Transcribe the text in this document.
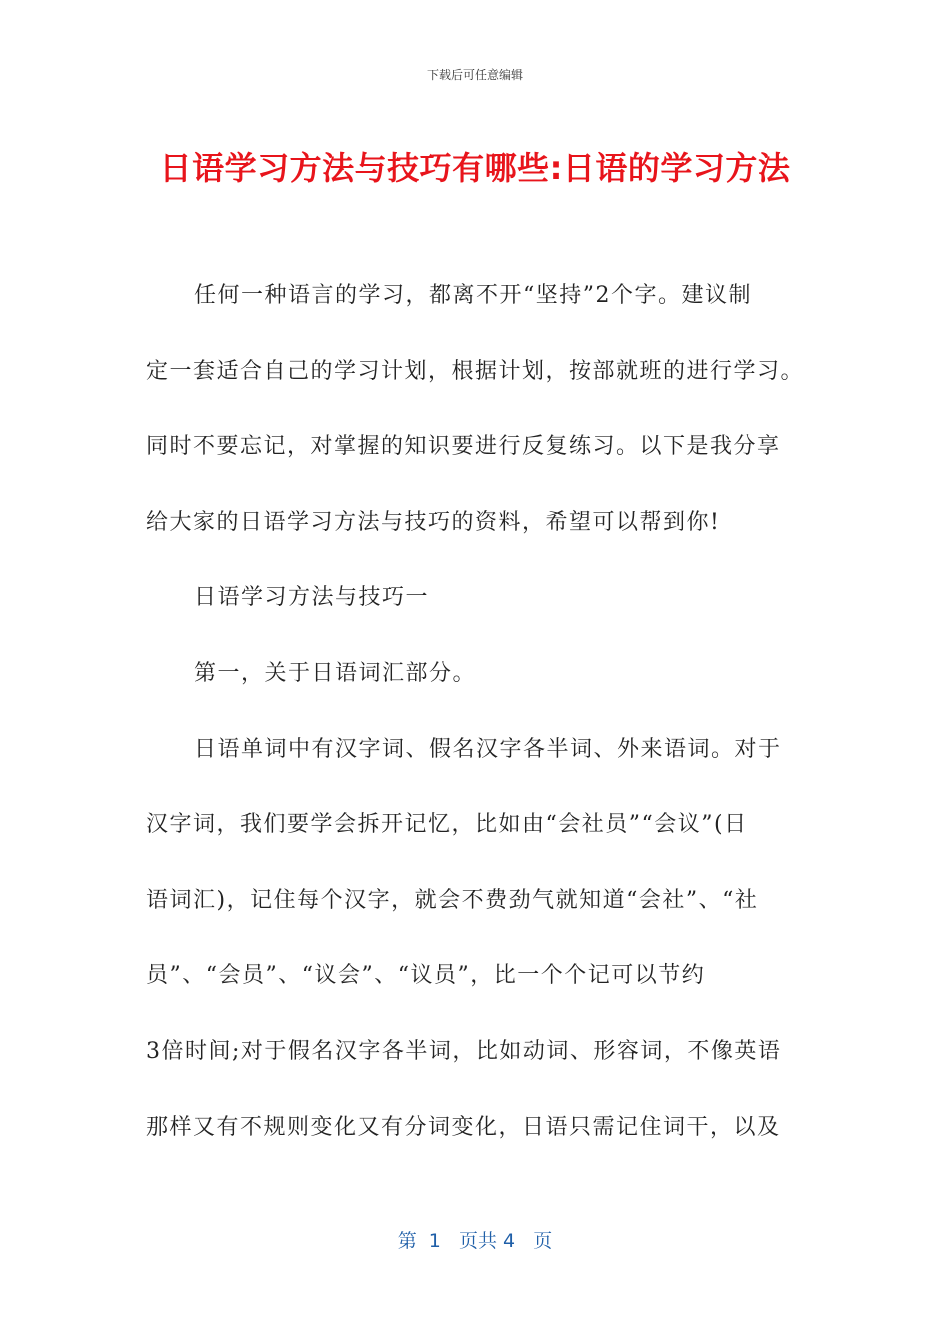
下载后可任意编辑
日语学习方法与技巧有哪些:日语的学习方法
任何一种语言的学习，都离不开“坚持”2个字。建议制
定一套适合自己的学习计划，根据计划，按部就班的进行学习。
同时不要忘记，对掌握的知识要进行反复练习。以下是我分享
给大家的日语学习方法与技巧的资料，希望可以帮到你!
日语学习方法与技巧一
第一，关于日语词汇部分。
日语单词中有汉字词、假名汉字各半词、外来语词。对于
汉字词，我们要学会拆开记忆，比如由“会社员”“会议”(日
语词汇)，记住每个汉字，就会不费劲气就知道“会社”、“社
员”、“会员”、“议会”、“议员”，比一个个记可以节约
3倍时间;对于假名汉字各半词，比如动词、形容词，不像英语
那样又有不规则变化又有分词变化，日语只需记住词干，以及
第  1   页共 4   页
